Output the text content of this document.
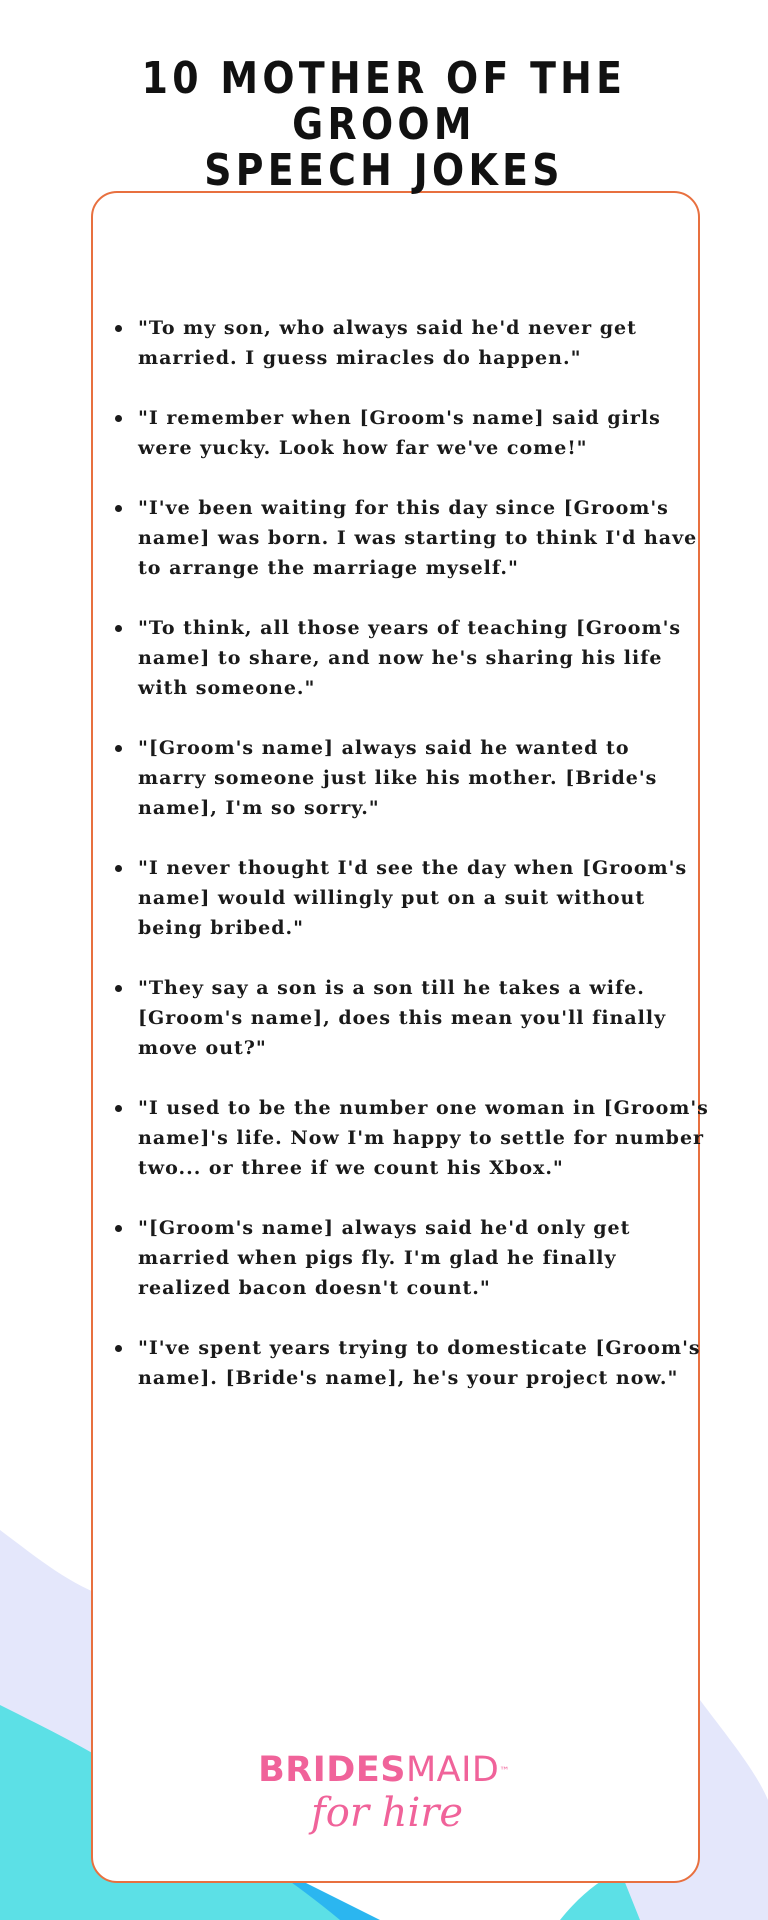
10 MOTHER OF THE GROOM
SPEECH JOKES
"To my son, who always said he'd never get
married. I guess miracles do happen."
"I remember when [Groom's name] said girls
were yucky. Look how far we've come!"
"I've been waiting for this day since [Groom's
name] was born. I was starting to think I'd have
to arrange the marriage myself."
"To think, all those years of teaching [Groom's
name] to share, and now he's sharing his life
with someone."
"[Groom's name] always said he wanted to
marry someone just like his mother. [Bride's
name], I'm so sorry."
"I never thought I'd see the day when [Groom's
name] would willingly put on a suit without
being bribed."
"They say a son is a son till he takes a wife.
[Groom's name], does this mean you'll finally
move out?"
"I used to be the number one woman in [Groom's
name]'s life. Now I'm happy to settle for number
two... or three if we count his Xbox."
"[Groom's name] always said he'd only get
married when pigs fly. I'm glad he finally
realized bacon doesn't count."
"I've spent years trying to domesticate [Groom's
name]. [Bride's name], he's your project now."
BRIDESMAID™
for hire
